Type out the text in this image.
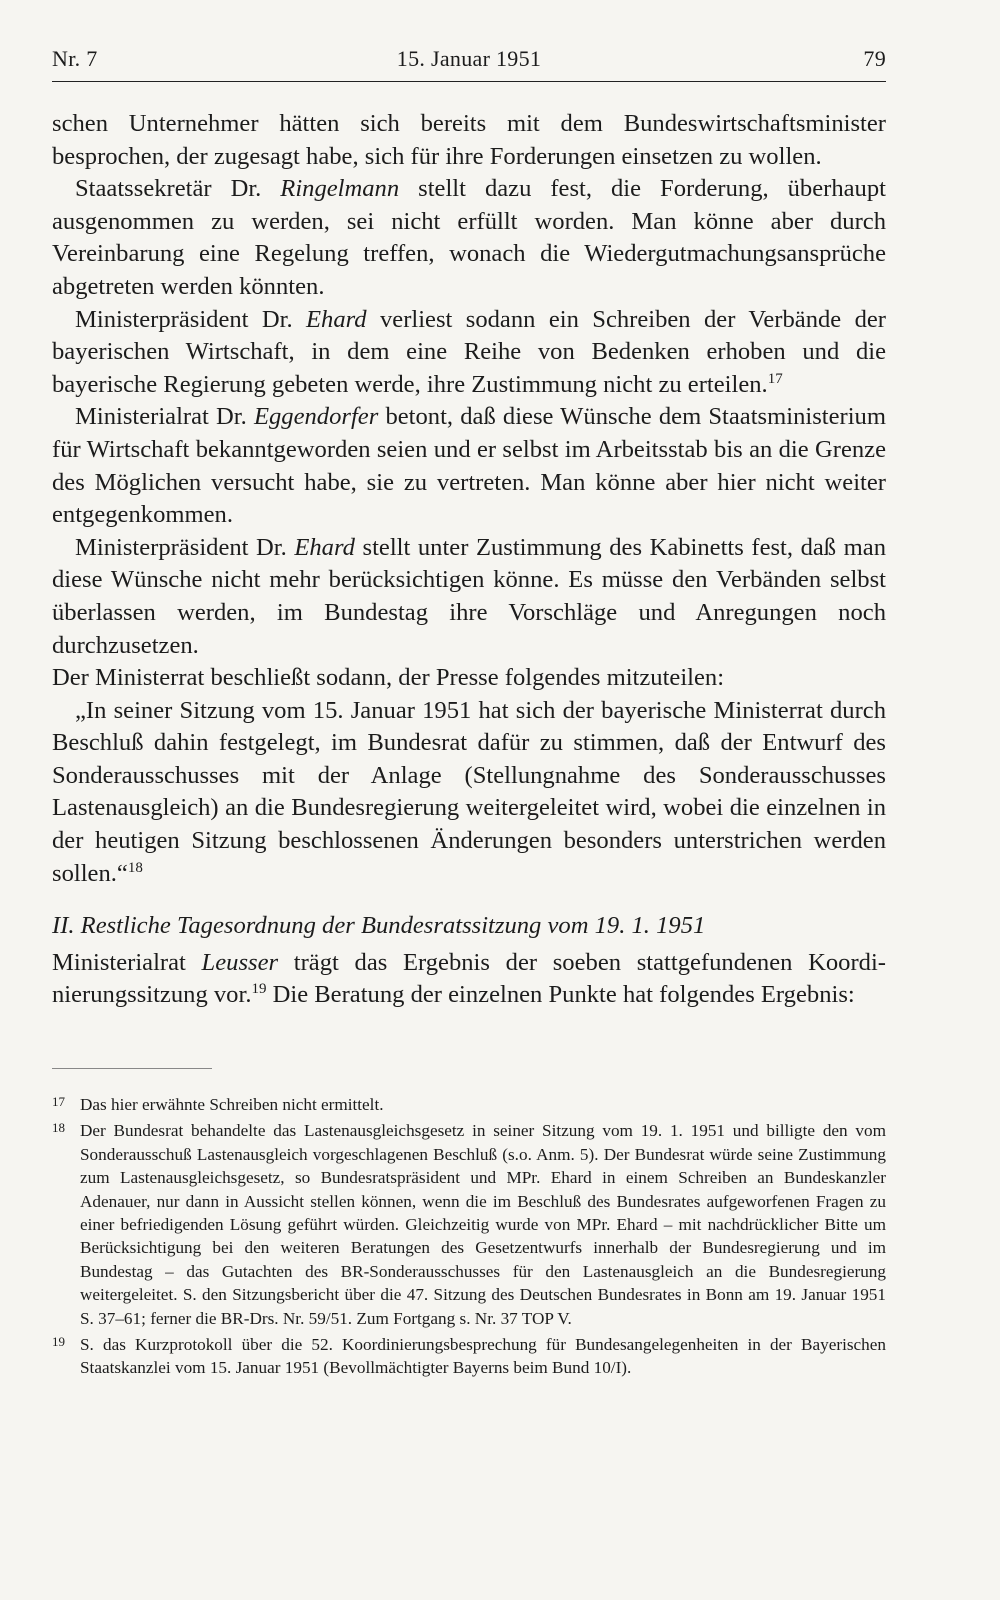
Nr. 7	15. Januar 1951	79

schen Unternehmer hätten sich bereits mit dem Bundeswirtschaftsminister besprochen, der zugesagt habe, sich für ihre Forderungen einsetzen zu wollen.

Staatssekretär Dr. Ringelmann stellt dazu fest, die Forderung, überhaupt ausgenommen zu werden, sei nicht erfüllt worden. Man könne aber durch Vereinbarung eine Regelung treffen, wonach die Wiedergutmachungsansprüche abgetreten werden könnten.

Ministerpräsident Dr. Ehard verliest sodann ein Schreiben der Verbände der bayerischen Wirtschaft, in dem eine Reihe von Bedenken erhoben und die bayerische Regierung gebeten werde, ihre Zustimmung nicht zu erteilen.$^{17}$

Ministerialrat Dr. Eggendorfer betont, daß diese Wünsche dem Staatsministerium für Wirtschaft bekanntgeworden seien und er selbst im Arbeitsstab bis an die Grenze des Möglichen versucht habe, sie zu vertreten. Man könne aber hier nicht weiter entgegenkommen.

Ministerpräsident Dr. Ehard stellt unter Zustimmung des Kabinetts fest, daß man diese Wünsche nicht mehr berücksichtigen könne. Es müsse den Verbänden selbst überlassen werden, im Bundestag ihre Vorschläge und Anregungen noch durchzusetzen.

Der Ministerrat beschließt sodann, der Presse folgendes mitzuteilen:

„In seiner Sitzung vom 15. Januar 1951 hat sich der bayerische Ministerrat durch Beschluß dahin festgelegt, im Bundesrat dafür zu stimmen, daß der Entwurf des Sonderausschusses mit der Anlage (Stellungnahme des Sonderausschusses Lastenausgleich) an die Bundesregierung weitergeleitet wird, wobei die einzelnen in der heutigen Sitzung beschlossenen Änderungen besonders unterstrichen werden sollen.“$^{18}$

II. Restliche Tagesordnung der Bundesratssitzung vom 19. 1. 1951

Ministerialrat Leusser trägt das Ergebnis der soeben stattgefundenen Koordinierungssitzung vor.$^{19}$ Die Beratung der einzelnen Punkte hat folgendes Ergebnis:

17 Das hier erwähnte Schreiben nicht ermittelt.
18 Der Bundesrat behandelte das Lastenausgleichsgesetz in seiner Sitzung vom 19. 1. 1951 und billigte den vom Sonderausschuß Lastenausgleich vorgeschlagenen Beschluß (s.o. Anm. 5). Der Bundesrat würde seine Zustimmung zum Lastenausgleichsgesetz, so Bundesratspräsident und MPr. Ehard in einem Schreiben an Bundeskanzler Adenauer, nur dann in Aussicht stellen können, wenn die im Beschluß des Bundesrates aufgeworfenen Fragen zu einer befriedigenden Lösung geführt würden. Gleichzeitig wurde von MPr. Ehard – mit nachdrücklicher Bitte um Berücksichtigung bei den weiteren Beratungen des Gesetzentwurfs innerhalb der Bundesregierung und im Bundestag – das Gutachten des BR-Sonderausschusses für den Lastenausgleich an die Bundesregierung weitergeleitet. S. den Sitzungsbericht über die 47. Sitzung des Deutschen Bundesrates in Bonn am 19. Januar 1951 S. 37–61; ferner die BR-Drs. Nr. 59/51. Zum Fortgang s. Nr. 37 TOP V.
19 S. das Kurzprotokoll über die 52. Koordinierungsbesprechung für Bundesangelegenheiten in der Bayerischen Staatskanzlei vom 15. Januar 1951 (Bevollmächtigter Bayerns beim Bund 10/I).
